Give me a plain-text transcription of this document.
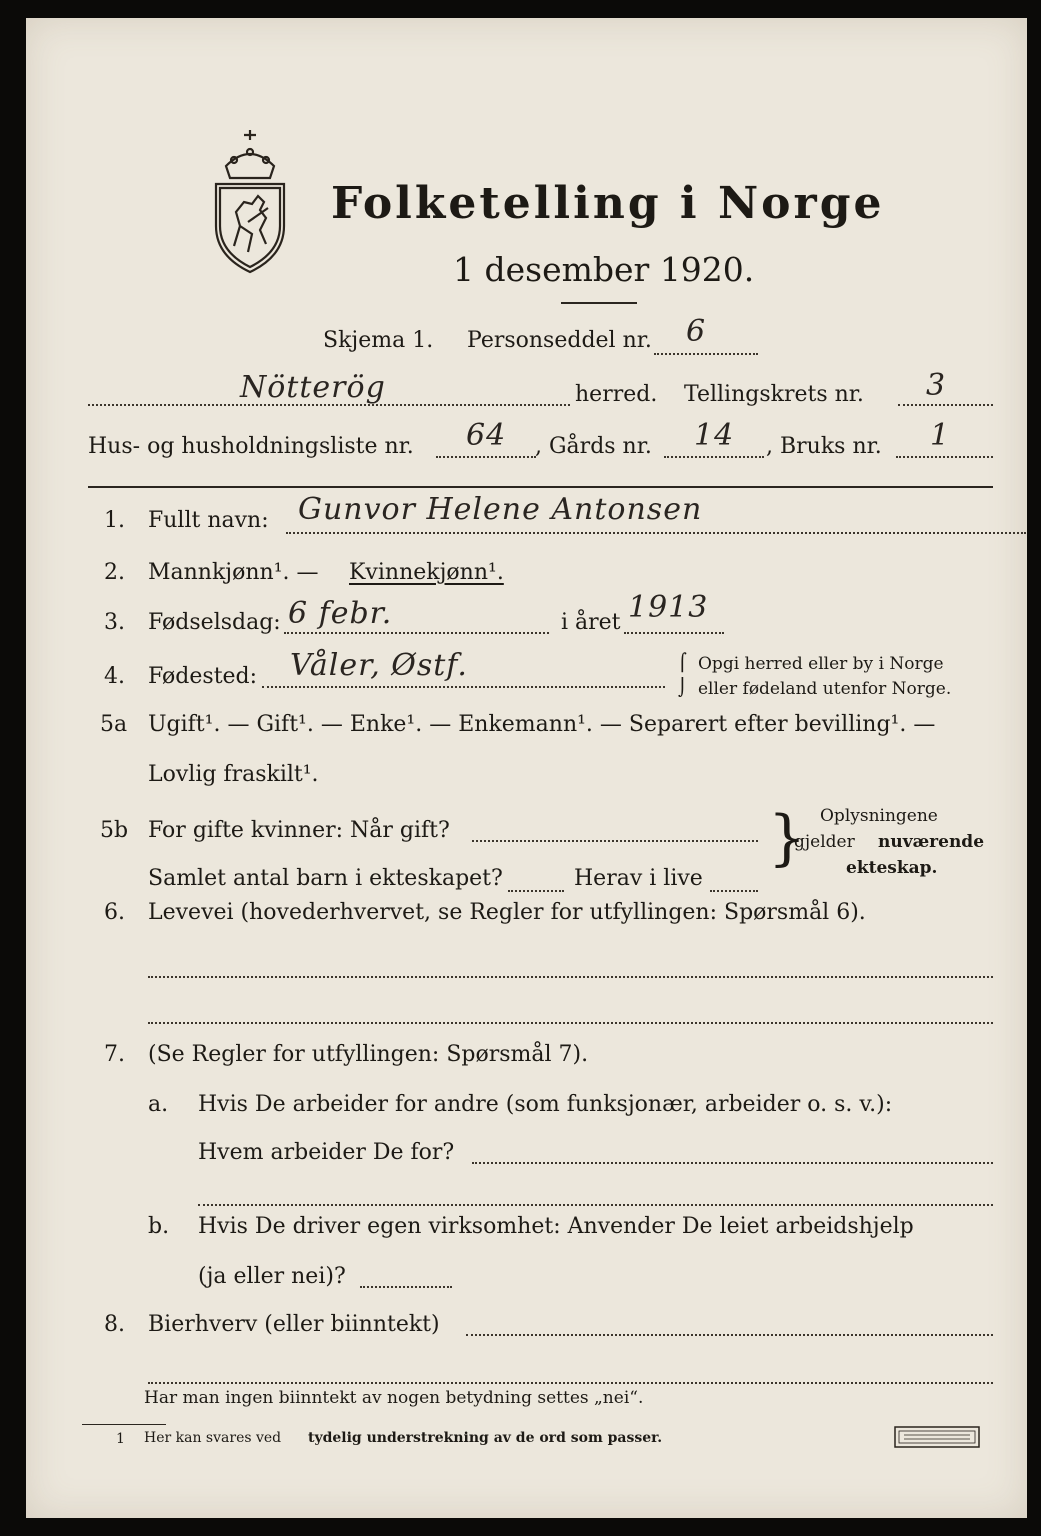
Folketelling i Norge
1 desember 1920.
Skjema 1. Personseddel nr. 6
Nötterög	herred. Tellingskrets nr. 3
Hus- og husholdningsliste nr. 64 , Gårds nr. 14 , Bruks nr. 1
1. Fullt navn: Gunvor Helene Antonsen
2. Mannkjønn¹. — Kvinnekjønn¹.
3. Fødselsdag: 6 febr.	i året 1913
4. Fødested: Våler, Østf.	⌠
⌡
Opgi herred eller by i Norge
eller fødeland utenfor Norge.
5a Ugift¹. — Gift¹. — Enke¹. — Enkemann¹. — Separert efter bevilling¹. —
Lovlig fraskilt¹.
5b For gifte kvinner: Når gift?
Samlet antal barn i ekteskapet?	Herav i live
} Oplysningene
gjelder nuværende
ekteskap.
6. Levevei (hovederhvervet, se Regler for utfyllingen: Spørsmål 6).
7. (Se Regler for utfyllingen: Spørsmål 7).
a. Hvis De arbeider for andre (som funksjonær, arbeider o. s. v.):
Hvem arbeider De for?
b. Hvis De driver egen virksomhet: Anvender De leiet arbeidshjelp
(ja eller nei)?
8. Bierhverv (eller biinntekt)
Har man ingen biinntekt av nogen betydning settes „nei“.
1 Her kan svares ved tydelig understrekning av de ord som passer.
